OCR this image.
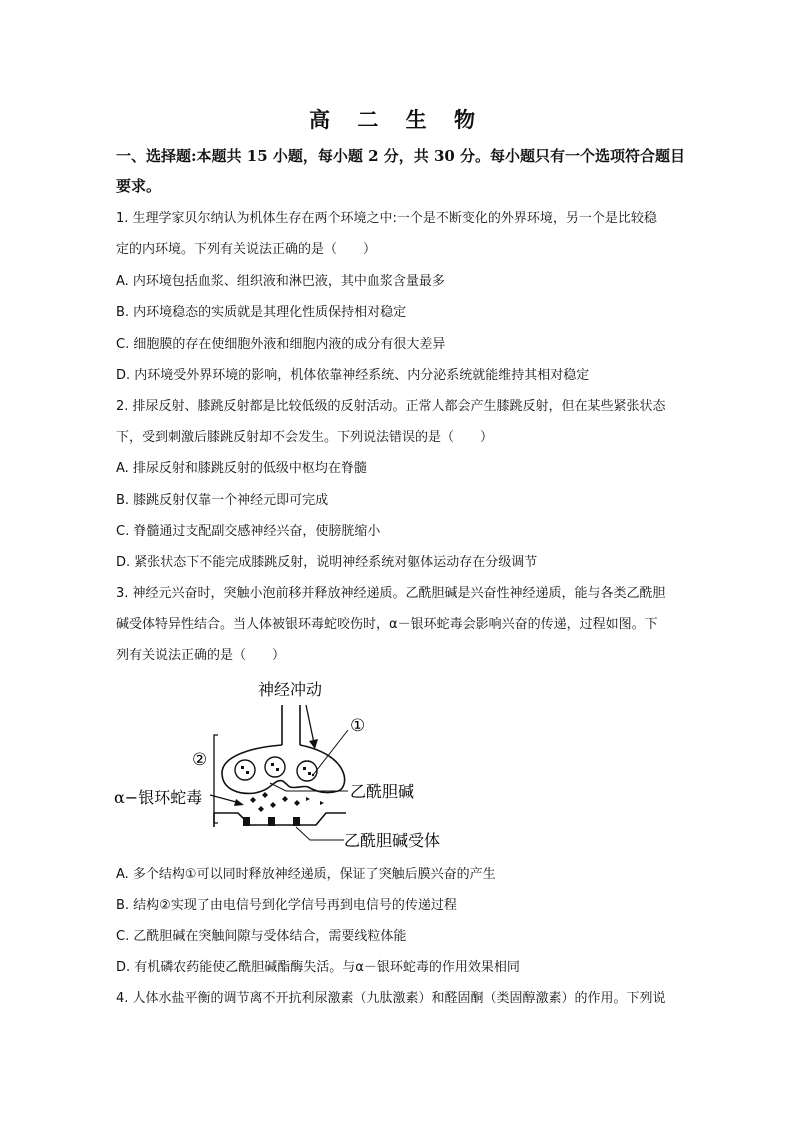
高 二 生 物
一、选择题:本题共 15 小题，每小题 2 分，共 30 分。每小题只有一个选项符合题目
要求。
1. 生理学家贝尔纳认为机体生存在两个环境之中:一个是不断变化的外界环境，另一个是比较稳
定的内环境。下列有关说法正确的是（　　）
A. 内环境包括血浆、组织液和淋巴液，其中血浆含量最多
B. 内环境稳态的实质就是其理化性质保持相对稳定
C. 细胞膜的存在使细胞外液和细胞内液的成分有很大差异
D. 内环境受外界环境的影响，机体依靠神经系统、内分泌系统就能维持其相对稳定
2. 排尿反射、膝跳反射都是比较低级的反射活动。正常人都会产生膝跳反射，但在某些紧张状态
下，受到刺激后膝跳反射却不会发生。下列说法错误的是（　　）
A. 排尿反射和膝跳反射的低级中枢均在脊髓
B. 膝跳反射仅靠一个神经元即可完成
C. 脊髓通过支配副交感神经兴奋，使膀胱缩小
D. 紧张状态下不能完成膝跳反射，说明神经系统对躯体运动存在分级调节
3. 神经元兴奋时，突触小泡前移并释放神经递质。乙酰胆碱是兴奋性神经递质，能与各类乙酰胆
碱受体特异性结合。当人体被银环毒蛇咬伤时，α－银环蛇毒会影响兴奋的传递，过程如图。下
列有关说法正确的是（　　）
神经冲动
①
②
乙酰胆碱
α−银环蛇毒
乙酰胆碱受体
A. 多个结构①可以同时释放神经递质，保证了突触后膜兴奋的产生
B. 结构②实现了由电信号到化学信号再到电信号的传递过程
C. 乙酰胆碱在突触间隙与受体结合，需要线粒体能
D. 有机磷农药能使乙酰胆碱酯酶失活。与α－银环蛇毒的作用效果相同
4. 人体水盐平衡的调节离不开抗利尿激素（九肽激素）和醛固酮（类固醇激素）的作用。下列说
